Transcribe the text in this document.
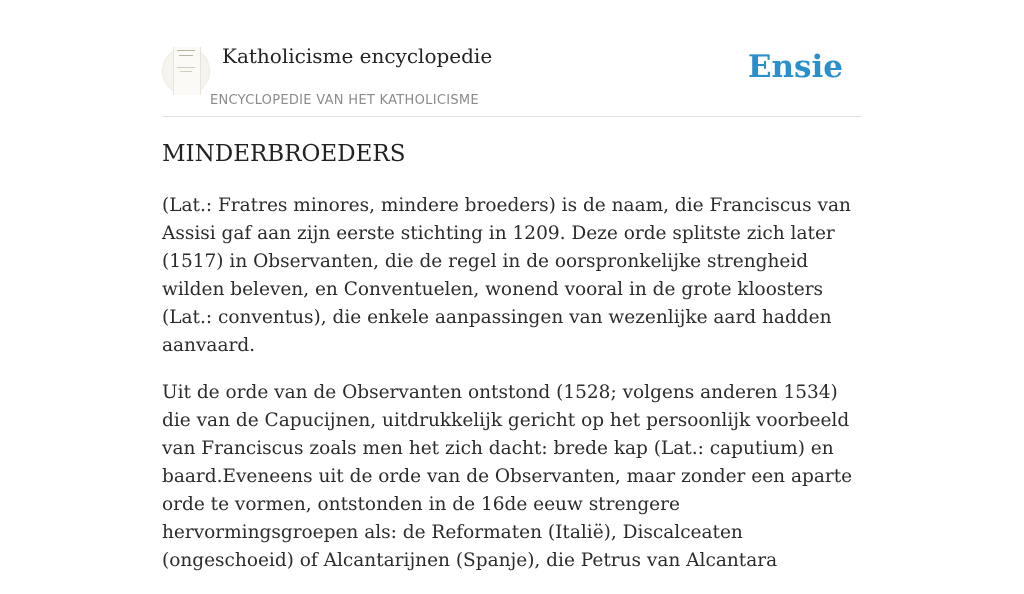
Katholicisme encyclopedie
ENCYCLOPEDIE VAN HET KATHOLICISME
Ensie
MINDERBROEDERS

(Lat.: Fratres minores, mindere broeders) is de naam, die Franciscus van Assisi gaf aan zijn eerste stichting in 1209. Deze orde splitste zich later (1517) in Observanten, die de regel in de oorspronkelijke strengheid wilden beleven, en Conventuelen, wonend vooral in de grote kloosters (Lat.: conventus), die enkele aanpassingen van wezenlijke aard hadden aanvaard.

Uit de orde van de Observanten ontstond (1528; volgens anderen 1534) die van de Capucijnen, uitdrukkelijk gericht op het persoonlijk voorbeeld van Franciscus zoals men het zich dacht: brede kap (Lat.: caputium) en baard.Eveneens uit de orde van de Observanten, maar zonder een aparte orde te vormen, ontstonden in de 16de eeuw strengere hervormingsgroepen als: de Reformaten (Italië), Discalceaten (ongeschoeid) of Alcantarijnen (Spanje), die Petrus van Alcantara
